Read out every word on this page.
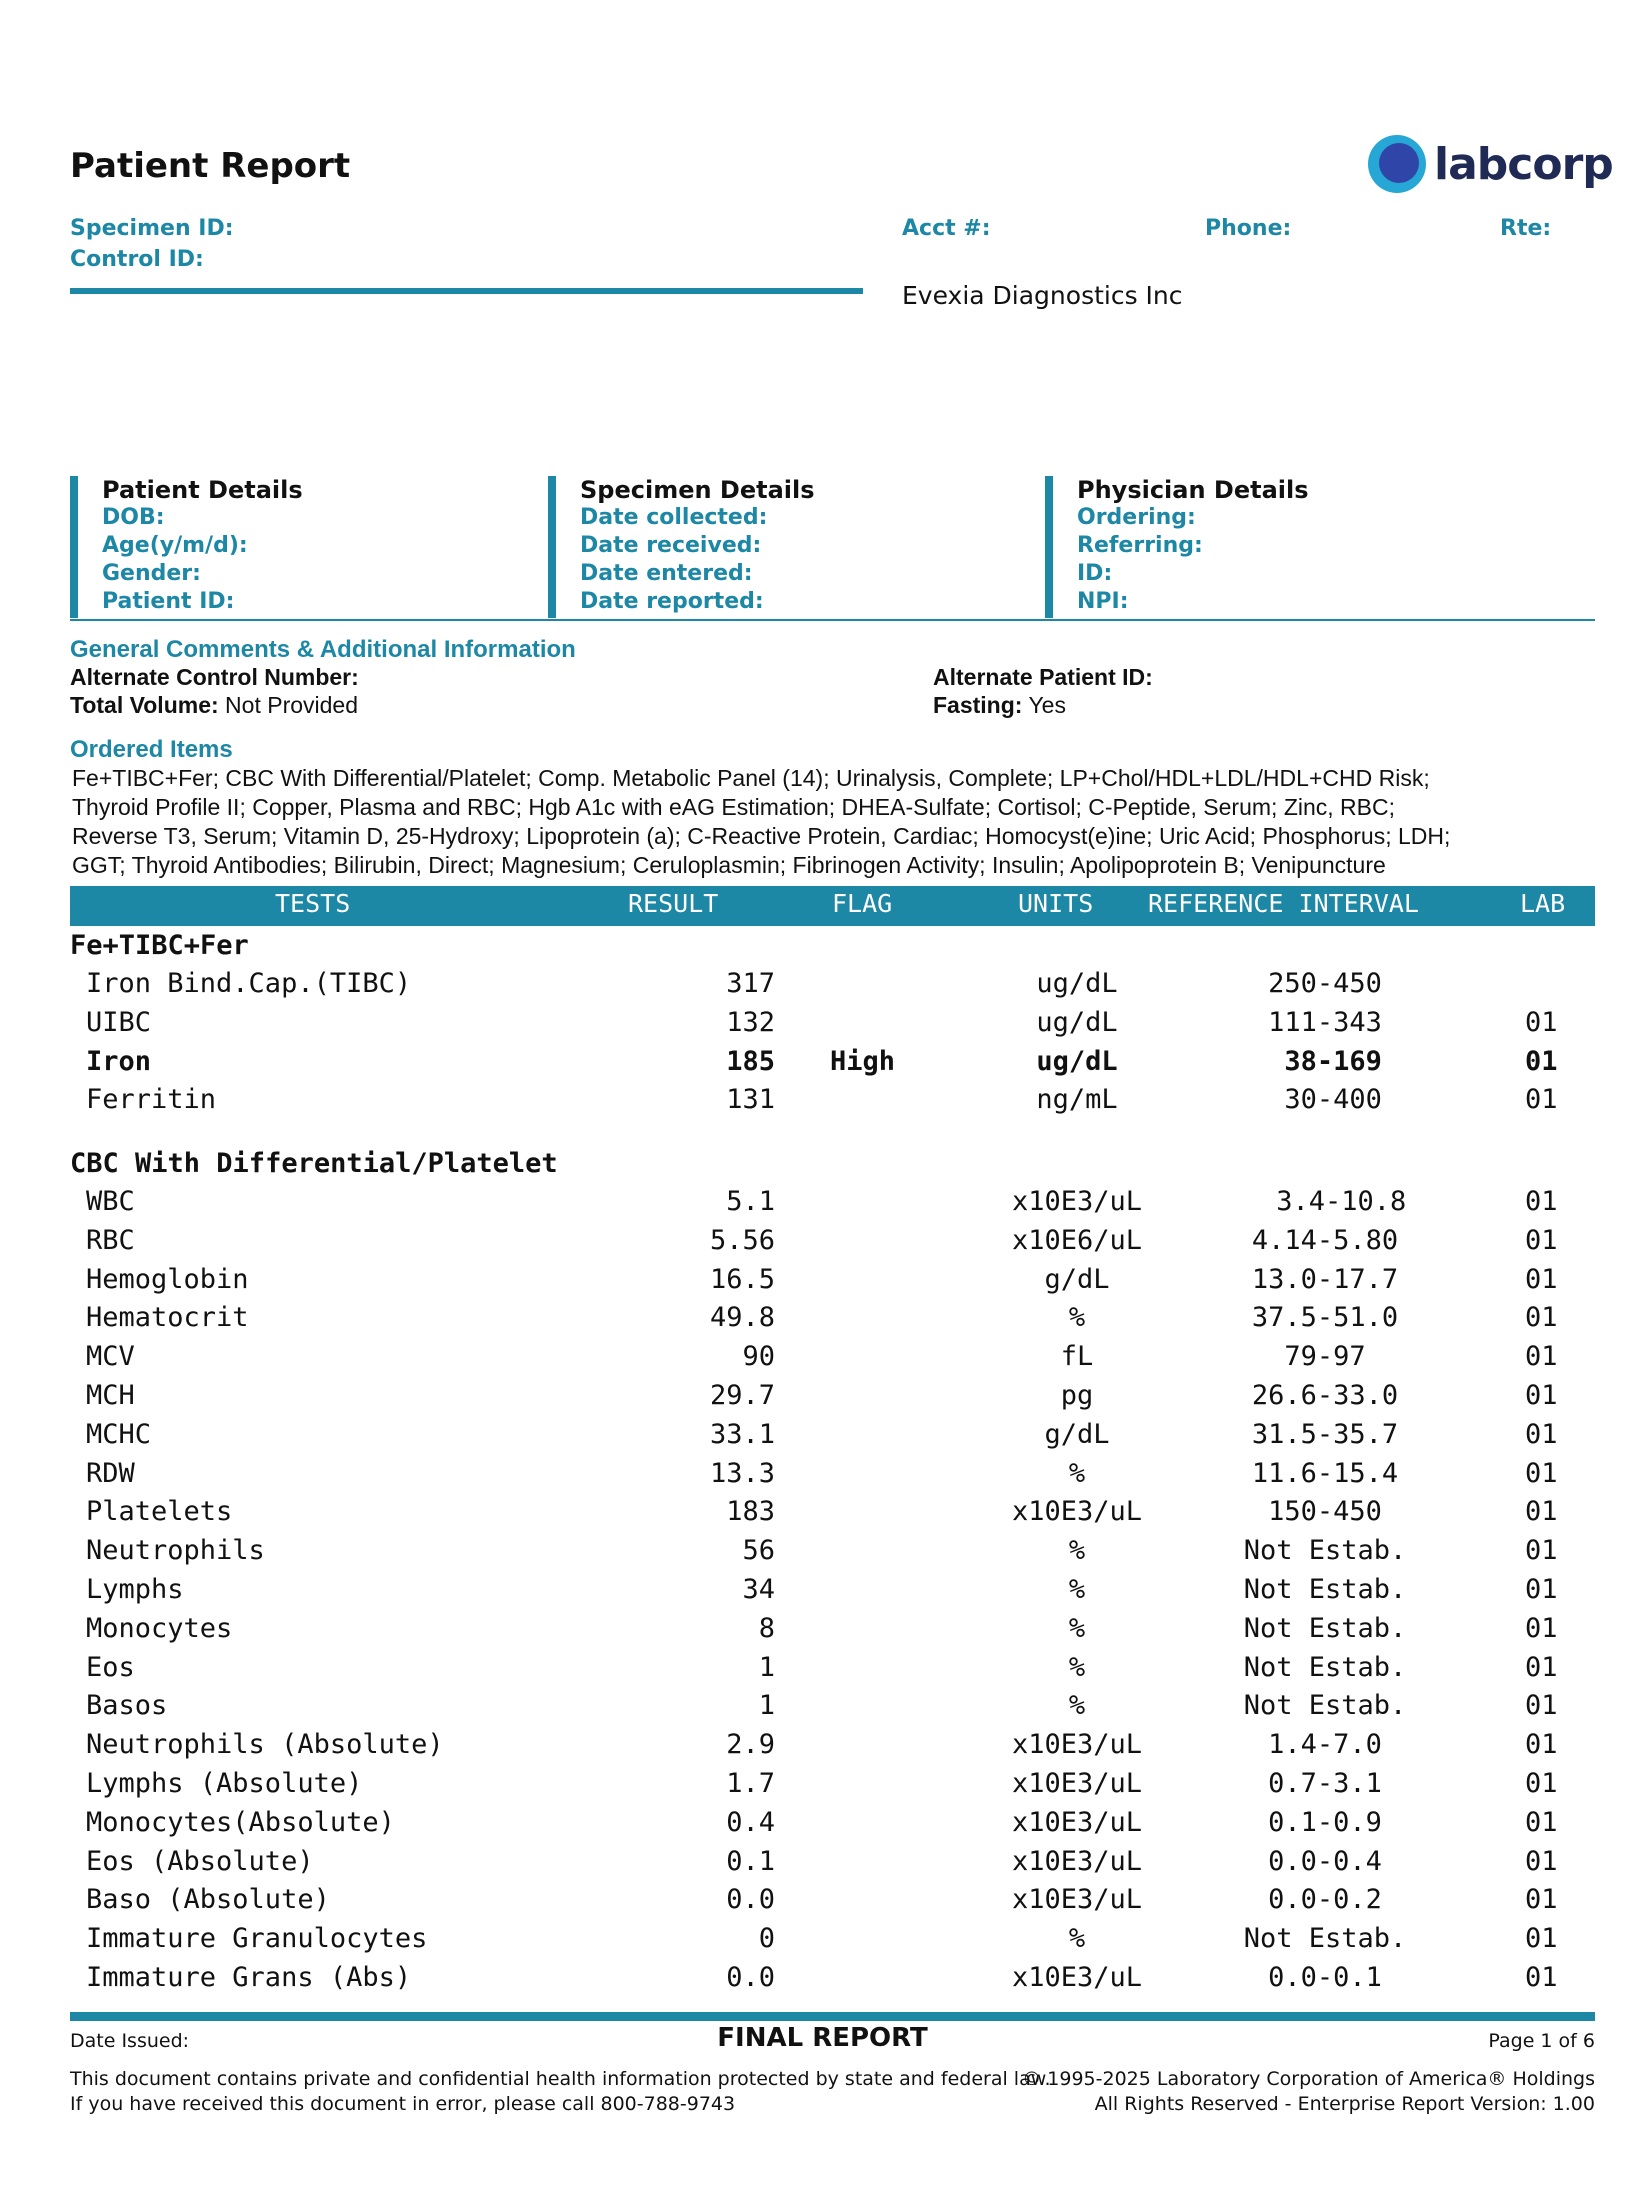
Patient Report	labcorp
Specimen ID:
Control ID:
Acct #:	Phone:	Rte:
Evexia Diagnostics Inc
Patient Details
DOB:
Age(y/m/d):
Gender:
Patient ID:
Specimen Details
Date collected:
Date received:
Date entered:
Date reported:
Physician Details
Ordering:
Referring:
ID:
NPI:
General Comments & Additional Information
Alternate Control Number:
Total Volume: Not Provided
Alternate Patient ID:
Fasting: Yes
Ordered Items
Fe+TIBC+Fer; CBC With Differential/Platelet; Comp. Metabolic Panel (14); Urinalysis, Complete; LP+Chol/HDL+LDL/HDL+CHD Risk;
Thyroid Profile II; Copper, Plasma and RBC; Hgb A1c with eAG Estimation; DHEA-Sulfate; Cortisol; C-Peptide, Serum; Zinc, RBC;
Reverse T3, Serum; Vitamin D, 25-Hydroxy; Lipoprotein (a); C-Reactive Protein, Cardiac; Homocyst(e)ine; Uric Acid; Phosphorus; LDH;
GGT; Thyroid Antibodies; Bilirubin, Direct; Magnesium; Ceruloplasmin; Fibrinogen Activity; Insulin; Apolipoprotein B; Venipuncture
TESTS	RESULT	FLAG	UNITS REFERENCE INTERVAL	LAB
Fe+TIBC+Fer
Iron Bind.Cap.(TIBC)	317	ug/dL	250-450
UIBC	132	ug/dL	111-343	01
Iron	185 High	ug/dL	38-169	01
Ferritin	131	ng/mL	30-400	01
CBC With Differential/Platelet
WBC	5.1	x10E3/uL	3.4-10.8	01
RBC	5.56	x10E6/uL	4.14-5.80	01
Hemoglobin	16.5	g/dL	13.0-17.7	01
Hematocrit	49.8	%	37.5-51.0	01
MCV	90	fL	79-97	01
MCH	29.7	pg	26.6-33.0	01
MCHC	33.1	g/dL	31.5-35.7	01
RDW	13.3	%	11.6-15.4	01
Platelets	183	x10E3/uL	150-450	01
Neutrophils	56	%	Not Estab.	01
Lymphs	34	%	Not Estab.	01
Monocytes	8	%	Not Estab.	01
Eos	1	%	Not Estab.	01
Basos	1	%	Not Estab.	01
Neutrophils (Absolute)	2.9	x10E3/uL	1.4-7.0	01
Lymphs (Absolute)	1.7	x10E3/uL	0.7-3.1	01
Monocytes(Absolute)	0.4	x10E3/uL	0.1-0.9	01
Eos (Absolute)	0.1	x10E3/uL	0.0-0.4	01
Baso (Absolute)	0.0	x10E3/uL	0.0-0.2	01
Immature Granulocytes	0	%	Not Estab.	01
Immature Grans (Abs)	0.0	x10E3/uL	0.0-0.1	01
Date Issued:	FINAL REPORT	Page 1 of 6
This document contains private and confidential health information protected by state and federal law.
If you have received this document in error, please call 800-788-9743
© 1995-2025 Laboratory Corporation of America® Holdings
All Rights Reserved - Enterprise Report Version: 1.00
